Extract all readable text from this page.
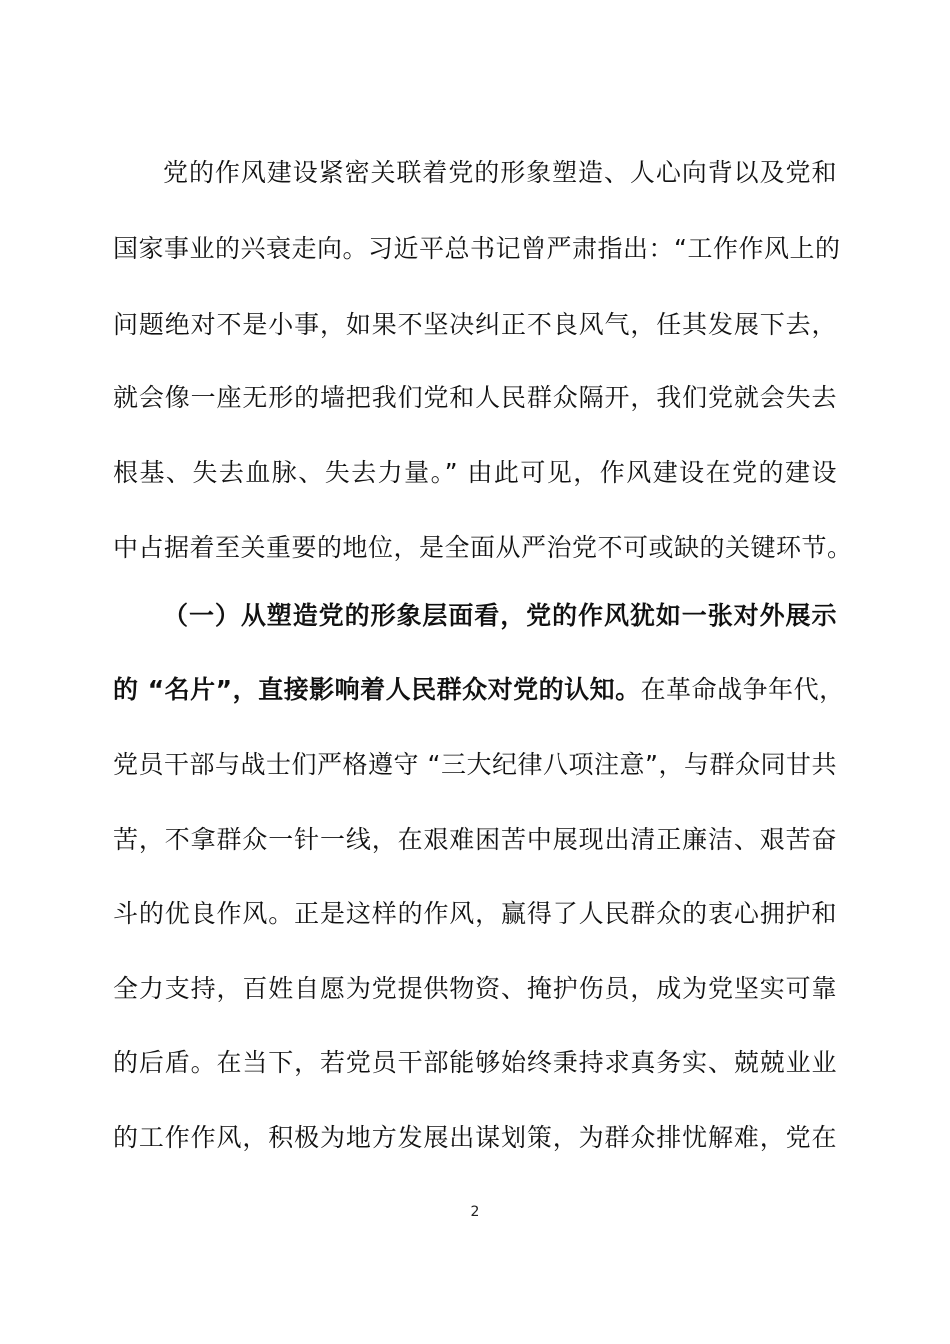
党的作风建设紧密关联着党的形象塑造、人心向背以及党和
国家事业的兴衰走向。习近平总书记曾严肃指出：“工作作风上的
问题绝对不是小事，如果不坚决纠正不良风气，任其发展下去，
就会像一座无形的墙把我们党和人民群众隔开，我们党就会失去
根基、失去血脉、失去力量。” 由此可见，作风建设在党的建设
中占据着至关重要的地位，是全面从严治党不可或缺的关键环节。
（一）从塑造党的形象层面看，党的作风犹如一张对外展示
的 “名片”，直接影响着人民群众对党的认知。在革命战争年代，
党员干部与战士们严格遵守 “三大纪律八项注意”，与群众同甘共
苦，不拿群众一针一线，在艰难困苦中展现出清正廉洁、艰苦奋
斗的优良作风。正是这样的作风，赢得了人民群众的衷心拥护和
全力支持，百姓自愿为党提供物资、掩护伤员，成为党坚实可靠
的后盾。在当下，若党员干部能够始终秉持求真务实、兢兢业业
的工作作风，积极为地方发展出谋划策，为群众排忧解难，党在
2
